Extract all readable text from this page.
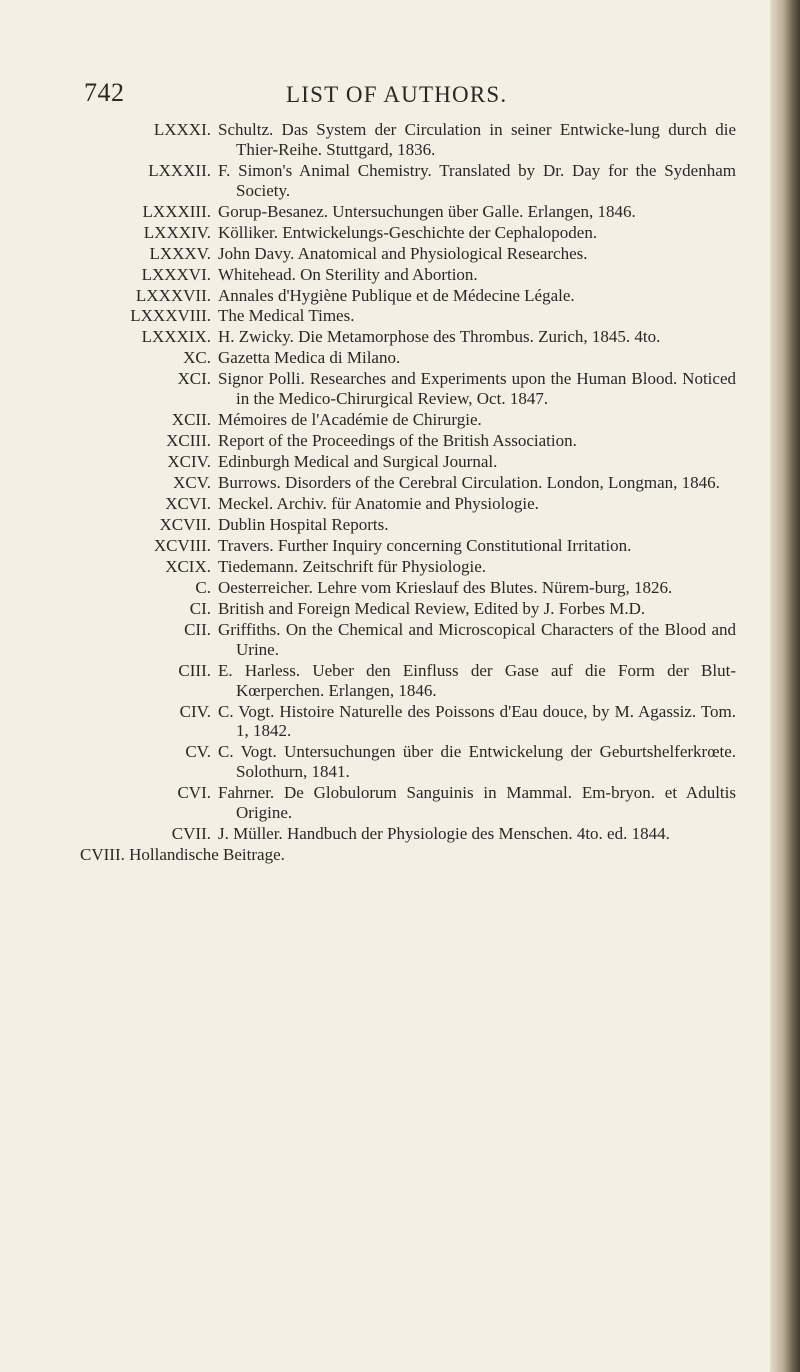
742	LIST OF AUTHORS.
LXXXI. Schultz. Das System der Circulation in seiner Entwicke-lung durch die Thier-Reihe. Stuttgard, 1836.
LXXXII. F. Simon's Animal Chemistry. Translated by Dr. Day for the Sydenham Society.
LXXXIII. Gorup-Besanez. Untersuchungen über Galle. Erlangen, 1846.
LXXXIV. Kölliker. Entwickelungs-Geschichte der Cephalopoden.
LXXXV. John Davy. Anatomical and Physiological Researches.
LXXXVI. Whitehead. On Sterility and Abortion.
LXXXVII. Annales d'Hygiène Publique et de Médecine Légale.
LXXXVIII. The Medical Times.
LXXXIX. H. Zwicky. Die Metamorphose des Thrombus. Zurich, 1845. 4to.
XC. Gazetta Medica di Milano.
XCI. Signor Polli. Researches and Experiments upon the Human Blood. Noticed in the Medico-Chirurgical Review, Oct. 1847.
XCII. Mémoires de l'Académie de Chirurgie.
XCIII. Report of the Proceedings of the British Association.
XCIV. Edinburgh Medical and Surgical Journal.
XCV. Burrows. Disorders of the Cerebral Circulation. London, Longman, 1846.
XCVI. Meckel. Archiv. für Anatomie and Physiologie.
XCVII. Dublin Hospital Reports.
XCVIII. Travers. Further Inquiry concerning Constitutional Irritation.
XCIX. Tiedemann. Zeitschrift für Physiologie.
C. Oesterreicher. Lehre vom Krieslauf des Blutes. Nürem-burg, 1826.
CI. British and Foreign Medical Review, Edited by J. Forbes M.D.
CII. Griffiths. On the Chemical and Microscopical Characters of the Blood and Urine.
CIII. E. Harless. Ueber den Einfluss der Gase auf die Form der Blut-Kœrperchen. Erlangen, 1846.
CIV. C. Vogt. Histoire Naturelle des Poissons d'Eau douce, by M. Agassiz. Tom. 1, 1842.
CV. C. Vogt. Untersuchungen über die Entwickelung der Geburtshelferkrœte. Solothurn, 1841.
CVI. Fahrner. De Globulorum Sanguinis in Mammal. Em-bryon. et Adultis Origine.
CVII. J. Müller. Handbuch der Physiologie des Menschen. 4to. ed. 1844.
CVIII. Hollandische Beitrage.
